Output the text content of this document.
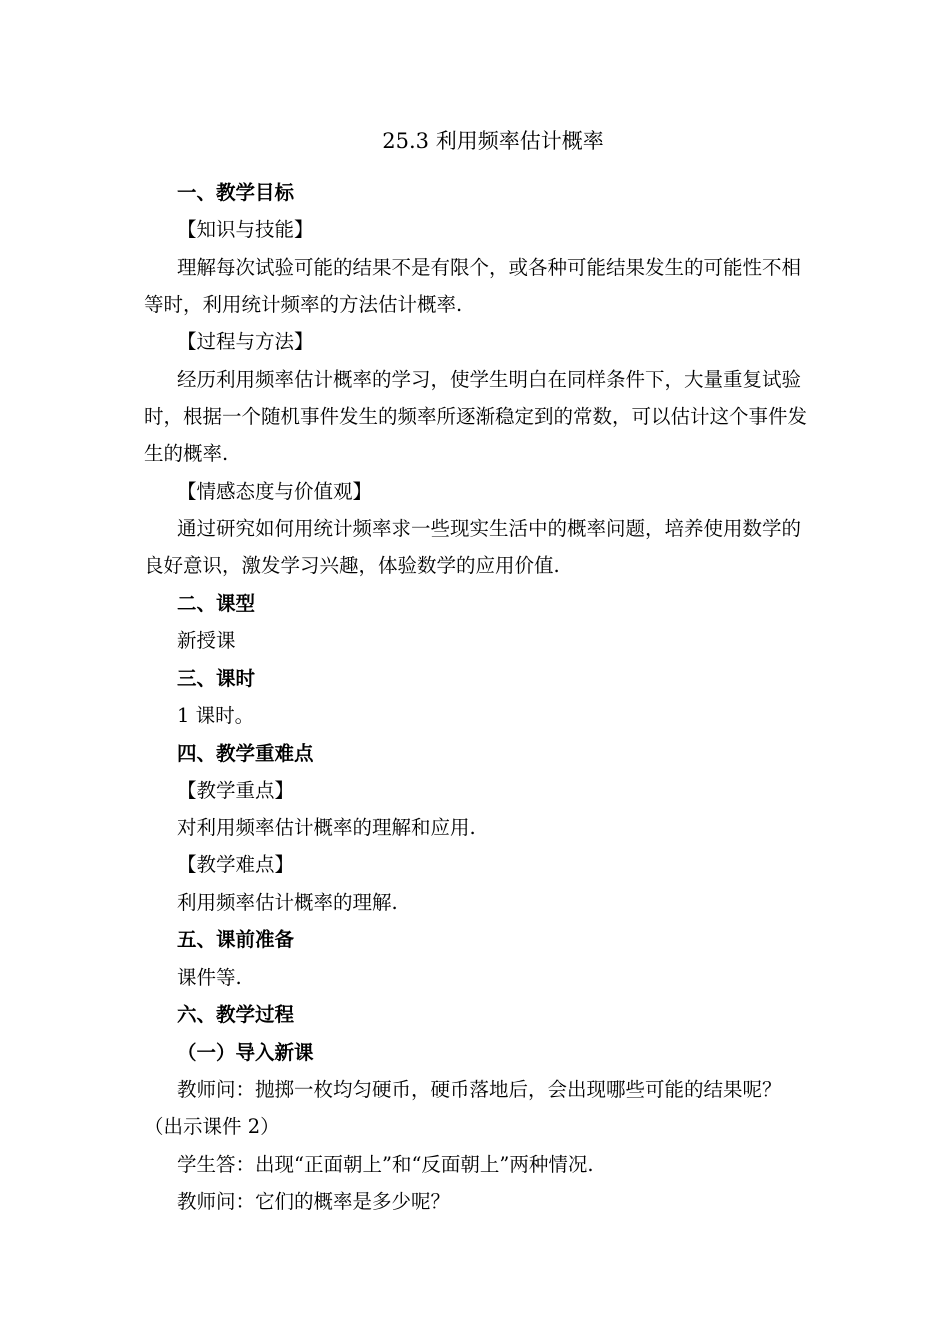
25.3 利用频率估计概率
一、教学目标
【知识与技能】
理解每次试验可能的结果不是有限个，或各种可能结果发生的可能性不相
等时，利用统计频率的方法估计概率.
【过程与方法】
经历利用频率估计概率的学习，使学生明白在同样条件下，大量重复试验
时，根据一个随机事件发生的频率所逐渐稳定到的常数，可以估计这个事件发
生的概率.
【情感态度与价值观】
通过研究如何用统计频率求一些现实生活中的概率问题，培养使用数学的
良好意识，激发学习兴趣，体验数学的应用价值.
二、课型
新授课
三、课时
1 课时。
四、教学重难点
【教学重点】
对利用频率估计概率的理解和应用.
【教学难点】
利用频率估计概率的理解.
五、课前准备
课件等.
六、教学过程
（一）导入新课
教师问：抛掷一枚均匀硬币，硬币落地后，会出现哪些可能的结果呢？
（出示课件 2）
学生答：出现“正面朝上”和“反面朝上”两种情况.
教师问：它们的概率是多少呢？
